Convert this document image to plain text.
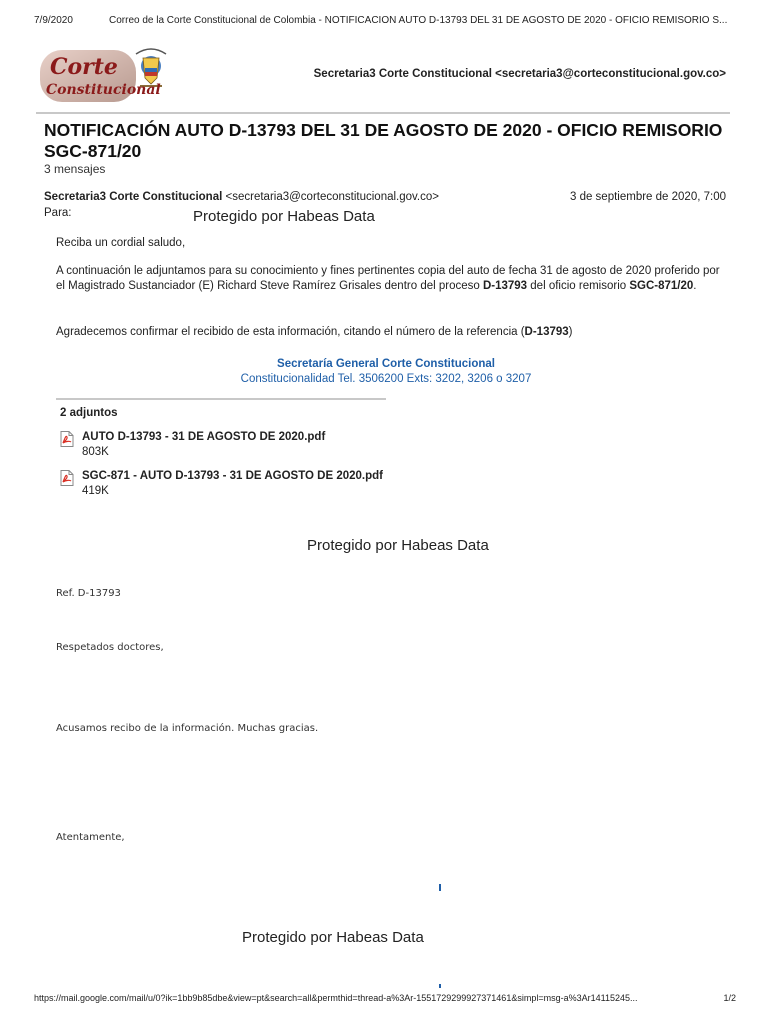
7/9/2020	Correo de la Corte Constitucional de Colombia - NOTIFICACION AUTO D-13793 DEL 31 DE AGOSTO DE 2020 - OFICIO REMISORIO S...
Corte
Constitucional
Secretaria3 Corte Constitucional <secretaria3@corteconstitucional.gov.co>
NOTIFICACIÓN AUTO D-13793 DEL 31 DE AGOSTO DE 2020 - OFICIO REMISORIO SGC-871/20
3 mensajes
Secretaria3 Corte Constitucional <secretaria3@corteconstitucional.gov.co>	3 de septiembre de 2020, 7:00
Para:	Protegido por Habeas Data
Reciba un cordial saludo,
A continuación le adjuntamos para su conocimiento y fines pertinentes copia del auto de fecha 31 de agosto de 2020 proferido por el Magistrado Sustanciador (E) Richard Steve Ramírez Grisales dentro del proceso D-13793 del oficio remisorio SGC-871/20.
Agradecemos confirmar el recibido de esta información, citando el número de la referencia (D-13793)
Secretaría General Corte Constitucional
Constitucionalidad Tel. 3506200 Exts: 3202, 3206 o 3207
2 adjuntos
AUTO D-13793 - 31 DE AGOSTO DE 2020.pdf
803K
SGC-871 - AUTO D-13793 - 31 DE AGOSTO DE 2020.pdf
419K
Protegido por Habeas Data
Ref. D-13793
Respetados doctores,
Acusamos recibo de la información. Muchas gracias.
Atentamente,
Protegido por Habeas Data
https://mail.google.com/mail/u/0?ik=1bb9b85dbe&view=pt&search=all&permthid=thread-a%3Ar-1551729299927371461&simpl=msg-a%3Ar14115245...	1/2
